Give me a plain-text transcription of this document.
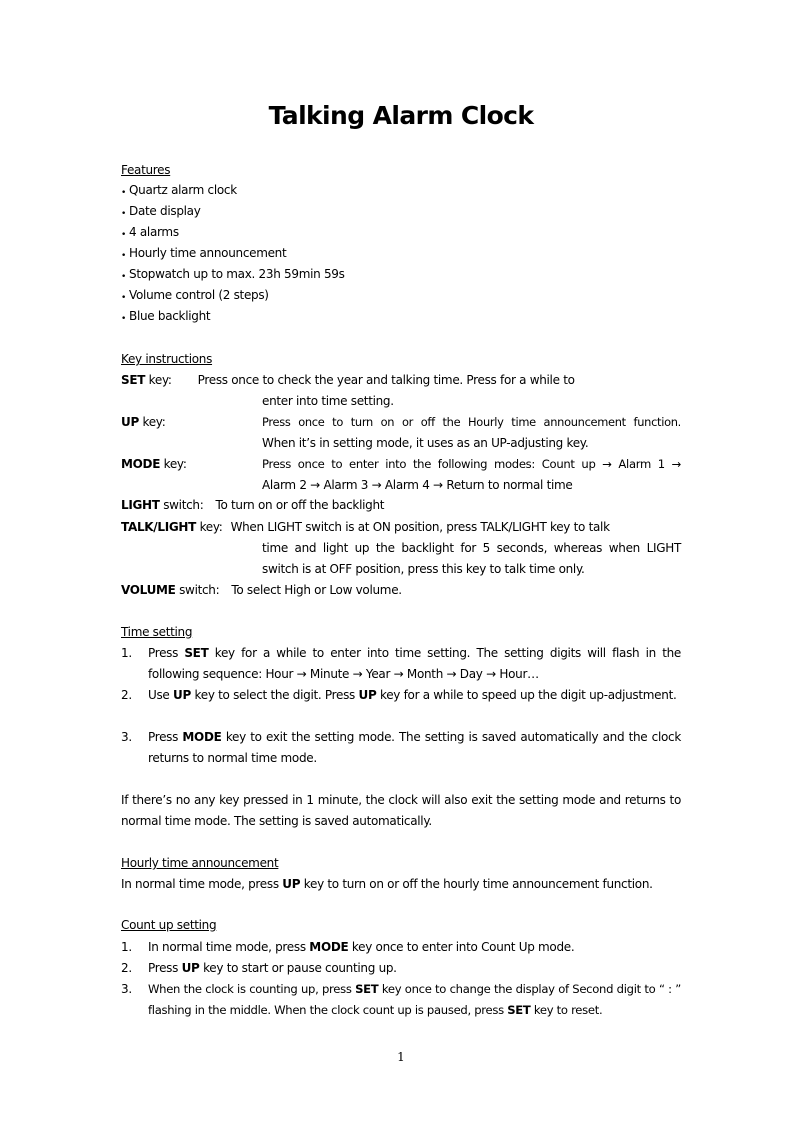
Talking Alarm Clock

Features

• Quartz alarm clock
• Date display
• 4 alarms
• Hourly time announcement
• Stopwatch up to max. 23h 59min 59s
• Volume control (2 steps)
• Blue backlight

Key instructions

SET key: Press once to check the year and talking time. Press for a while to
enter into time setting.
UP key:	Press once to turn on or off the Hourly time announcement function.
When it’s in setting mode, it uses as an UP-adjusting key.
MODE key:	Press once to enter into the following modes: Count up → Alarm 1 →
Alarm 2 → Alarm 3 → Alarm 4 → Return to normal time
LIGHT switch: To turn on or off the backlight
TALK/LIGHT key: When LIGHT switch is at ON position, press TALK/LIGHT key to talk
time and light up the backlight for 5 seconds, whereas when LIGHT
switch is at OFF position, press this key to talk time only.
VOLUME switch: To select High or Low volume.

Time setting

1. Press SET key for a while to enter into time setting. The setting digits will flash in the following sequence: Hour → Minute → Year → Month → Day → Hour…
2. Use UP key to select the digit. Press UP key for a while to speed up the digit up-adjustment.
3. Press MODE key to exit the setting mode. The setting is saved automatically and the clock returns to normal time mode.
If there’s no any key pressed in 1 minute, the clock will also exit the setting mode and returns to normal time mode. The setting is saved automatically.

Hourly time announcement

In normal time mode, press UP key to turn on or off the hourly time announcement function.

Count up setting

1. In normal time mode, press MODE key once to enter into Count Up mode.
2. Press UP key to start or pause counting up.
3. When the clock is counting up, press SET key once to change the display of Second digit to “ : ” flashing in the middle. When the clock count up is paused, press SET key to reset.
1
